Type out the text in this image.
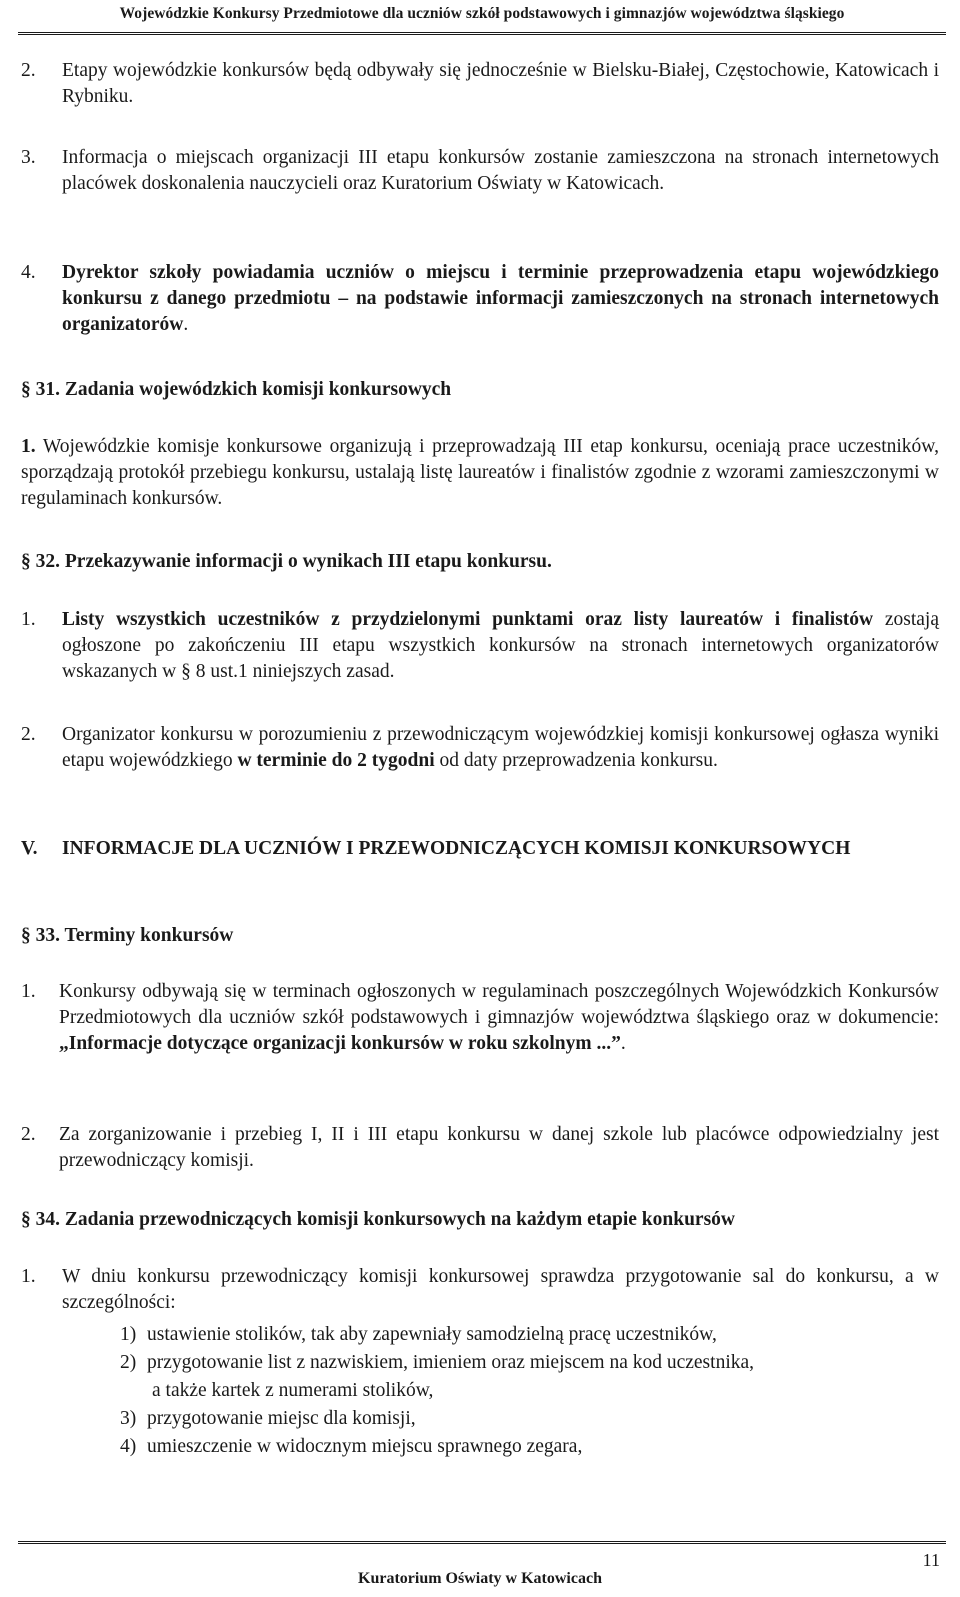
Wojewódzkie Konkursy Przedmiotowe dla uczniów szkół podstawowych i gimnazjów województwa śląskiego
2. Etapy wojewódzkie konkursów będą odbywały się jednocześnie w Bielsku-Białej, Częstochowie, Katowicach i Rybniku.
3. Informacja o miejscach organizacji III etapu konkursów zostanie zamieszczona na stronach internetowych placówek doskonalenia nauczycieli oraz Kuratorium Oświaty w Katowicach.
4. Dyrektor szkoły powiadamia uczniów o miejscu i terminie przeprowadzenia etapu wojewódzkiego konkursu z danego przedmiotu – na podstawie informacji zamieszczonych na stronach internetowych organizatorów.
§ 31. Zadania wojewódzkich komisji konkursowych
1. Wojewódzkie komisje konkursowe organizują i przeprowadzają III etap konkursu, oceniają prace uczestników, sporządzają protokół przebiegu konkursu, ustalają listę laureatów i finalistów zgodnie z wzorami zamieszczonymi w regulaminach konkursów.
§ 32. Przekazywanie informacji o wynikach III etapu konkursu.
1. Listy wszystkich uczestników z przydzielonymi punktami oraz listy laureatów i finalistów zostają ogłoszone po zakończeniu III etapu wszystkich konkursów na stronach internetowych organizatorów wskazanych w § 8 ust.1 niniejszych zasad.
2. Organizator konkursu w porozumieniu z przewodniczącym wojewódzkiej komisji konkursowej ogłasza wyniki etapu wojewódzkiego w terminie do 2 tygodni od daty przeprowadzenia konkursu.
V. INFORMACJE DLA UCZNIÓW I PRZEWODNICZĄCYCH KOMISJI KONKURSOWYCH
§ 33. Terminy konkursów
1. Konkursy odbywają się w terminach ogłoszonych w regulaminach poszczególnych Wojewódzkich Konkursów Przedmiotowych dla uczniów szkół podstawowych i gimnazjów województwa śląskiego oraz w dokumencie: „Informacje dotyczące organizacji konkursów w roku szkolnym ...”.
2. Za zorganizowanie i przebieg I, II i III etapu konkursu w danej szkole lub placówce odpowiedzialny jest przewodniczący komisji.
§ 34. Zadania przewodniczących komisji konkursowych na każdym etapie konkursów
1. W dniu konkursu przewodniczący komisji konkursowej sprawdza przygotowanie sal do konkursu, a w szczególności:
1) ustawienie stolików, tak aby zapewniały samodzielną pracę uczestników,
2) przygotowanie list z nazwiskiem, imieniem oraz miejscem na kod uczestnika,
a także kartek z numerami stolików,
3) przygotowanie miejsc dla komisji,
4) umieszczenie w widocznym miejscu sprawnego zegara,
11
Kuratorium Oświaty w Katowicach
